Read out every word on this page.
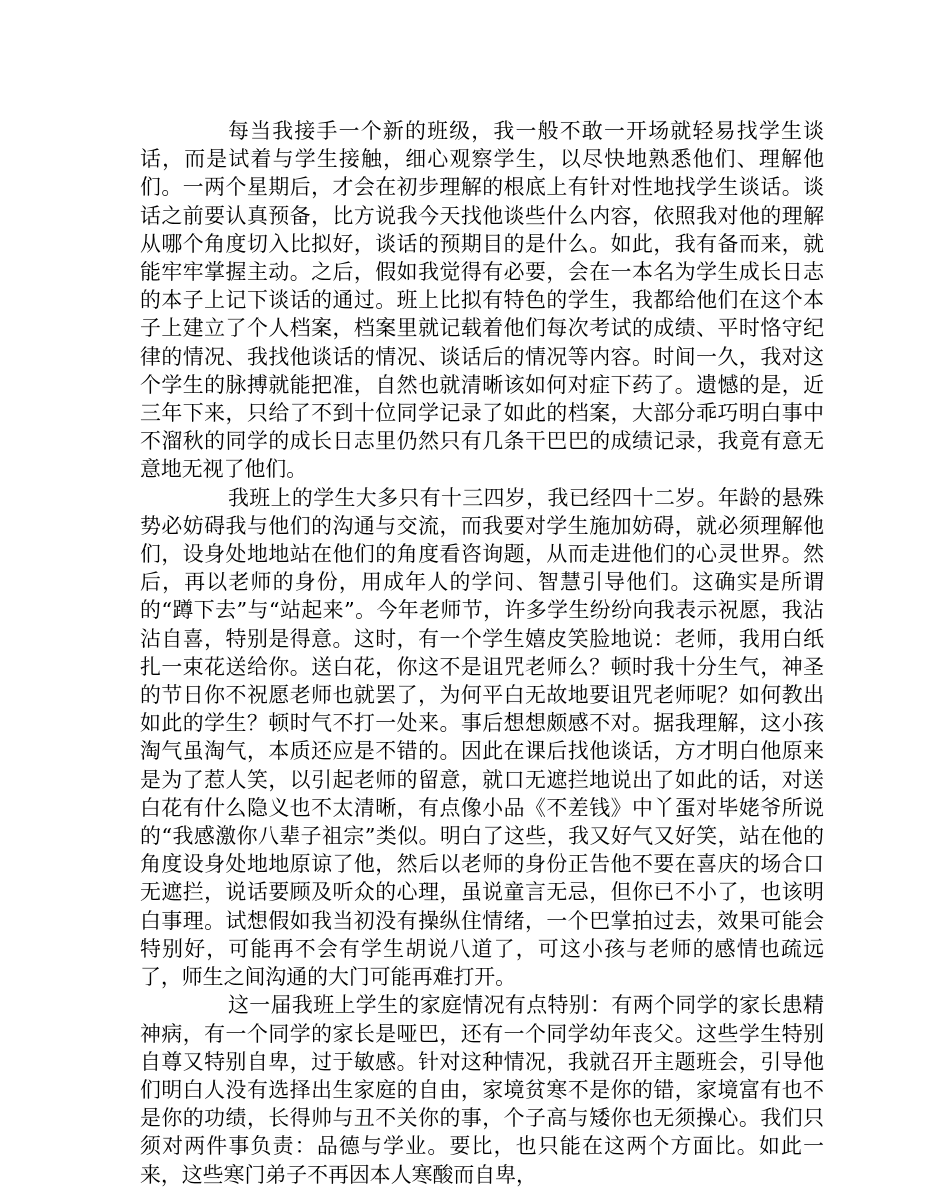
每当我接手一个新的班级，我一般不敢一开场就轻易找学生谈话，而是试着与学生接触，细心观察学生，以尽快地熟悉他们、理解他们。一两个星期后，才会在初步理解的根底上有针对性地找学生谈话。谈话之前要认真预备，比方说我今天找他谈些什么内容，依照我对他的理解从哪个角度切入比拟好，谈话的预期目的是什么。如此，我有备而来，就能牢牢掌握主动。之后，假如我觉得有必要，会在一本名为学生成长日志的本子上记下谈话的通过。班上比拟有特色的学生，我都给他们在这个本子上建立了个人档案，档案里就记载着他们每次考试的成绩、平时恪守纪律的情况、我找他谈话的情况、谈话后的情况等内容。时间一久，我对这个学生的脉搏就能把准，自然也就清晰该如何对症下药了。遗憾的是，近三年下来，只给了不到十位同学记录了如此的档案，大部分乖巧明白事中不溜秋的同学的成长日志里仍然只有几条干巴巴的成绩记录，我竟有意无意地无视了他们。

我班上的学生大多只有十三四岁，我已经四十二岁。年龄的悬殊势必妨碍我与他们的沟通与交流，而我要对学生施加妨碍，就必须理解他们，设身处地地站在他们的角度看咨询题，从而走进他们的心灵世界。然后，再以老师的身份，用成年人的学问、智慧引导他们。这确实是所谓的“蹲下去”与“站起来”。今年老师节，许多学生纷纷向我表示祝愿，我沾沾自喜，特别是得意。这时，有一个学生嬉皮笑脸地说：老师，我用白纸扎一束花送给你。送白花，你这不是诅咒老师么？顿时我十分生气，神圣的节日你不祝愿老师也就罢了，为何平白无故地要诅咒老师呢？如何教出如此的学生？顿时气不打一处来。事后想想颇感不对。据我理解，这小孩淘气虽淘气，本质还应是不错的。因此在课后找他谈话，方才明白他原来是为了惹人笑，以引起老师的留意，就口无遮拦地说出了如此的话，对送白花有什么隐义也不太清晰，有点像小品《不差钱》中丫蛋对毕姥爷所说的“我感激你八辈子祖宗”类似。明白了这些，我又好气又好笑，站在他的角度设身处地地原谅了他，然后以老师的身份正告他不要在喜庆的场合口无遮拦，说话要顾及听众的心理，虽说童言无忌，但你已不小了，也该明白事理。试想假如我当初没有操纵住情绪，一个巴掌拍过去，效果可能会特别好，可能再不会有学生胡说八道了，可这小孩与老师的感情也疏远了，师生之间沟通的大门可能再难打开。

这一届我班上学生的家庭情况有点特别：有两个同学的家长患精神病，有一个同学的家长是哑巴，还有一个同学幼年丧父。这些学生特别自尊又特别自卑，过于敏感。针对这种情况，我就召开主题班会，引导他们明白人没有选择出生家庭的自由，家境贫寒不是你的错，家境富有也不是你的功绩，长得帅与丑不关你的事，个子高与矮你也无须操心。我们只须对两件事负责：品德与学业。要比，也只能在这两个方面比。如此一来，这些寒门弟子不再因本人寒酸而自卑，
